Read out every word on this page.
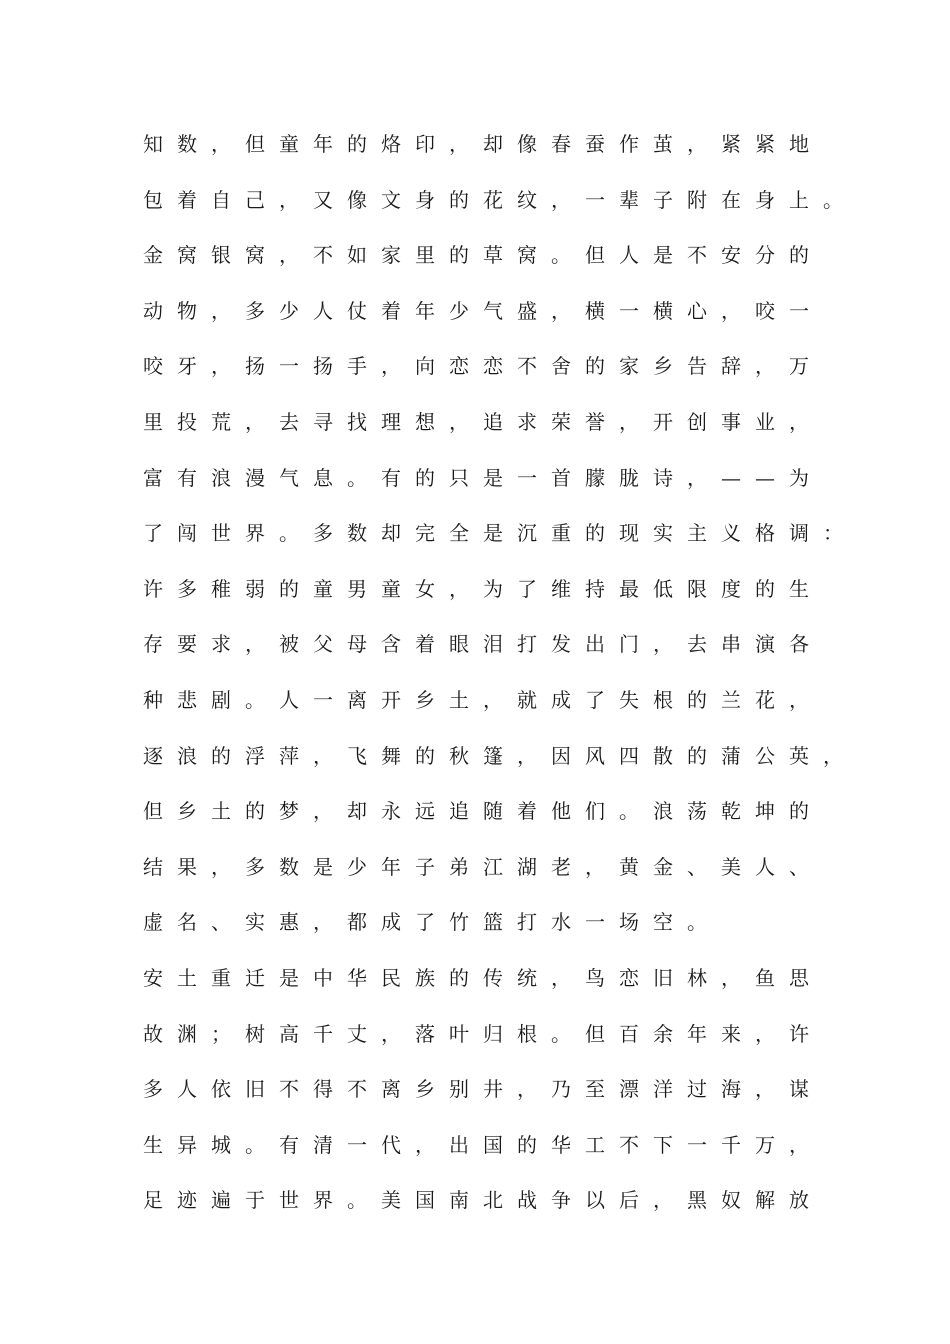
知数，但童年的烙印，却像春蚕作茧，紧紧地
包着自己，又像文身的花纹，一辈子附在身上。
金窝银窝，不如家里的草窝。但人是不安分的
动物，多少人仗着年少气盛，横一横心，咬一
咬牙，扬一扬手，向恋恋不舍的家乡告辞，万
里投荒，去寻找理想，追求荣誉，开创事业，
富有浪漫气息。有的只是一首朦胧诗，——为
了闯世界。多数却完全是沉重的现实主义格调：
许多稚弱的童男童女，为了维持最低限度的生
存要求，被父母含着眼泪打发出门，去串演各
种悲剧。人一离开乡土，就成了失根的兰花，
逐浪的浮萍，飞舞的秋篷，因风四散的蒲公英，
但乡土的梦，却永远追随着他们。浪荡乾坤的
结果，多数是少年子弟江湖老，黄金、美人、
虚名、实惠，都成了竹篮打水一场空。
安土重迁是中华民族的传统，鸟恋旧林，鱼思
故渊；树高千丈，落叶归根。但百余年来，许
多人依旧不得不离乡别井，乃至漂洋过海，谋
生异城。有清一代，出国的华工不下一千万，
足迹遍于世界。美国南北战争以后，黑奴解放
